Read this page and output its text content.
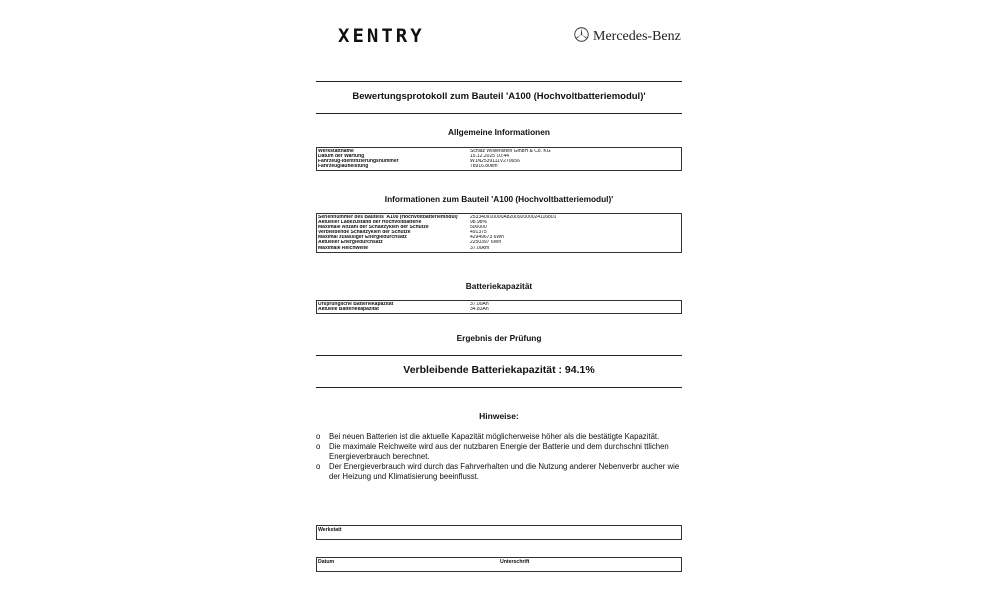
XENTRY	Mercedes-Benz
Bewertungsprotokoll zum Bauteil 'A100 (Hochvoltbatteriemodul)'
Allgemeine Informationen
Werkstattname	Schlaz Wöllenstein GmbH & Co. KG
Datum der Wartung	15.12.2025 10:44
Fahrzeug-Identifizierungsnummer	W1N2539111V270656
Fahrzeuglaufleistung	78916.80km
Informationen zum Bauteil 'A100 (Hochvoltbatteriemodul)'
Seriennummer des Bauteils 'A100 (Hochvoltbatteriemodul)'	253340910000A820092000024116801
Aktueller Ladezustand der Hochvoltbatterie	98.98%
Maximale Anzahl der Schaltzyklen der Schütze	500000
Verbleibende Schaltzyklen der Schütze	491375
Maximal zulässiger Energiedurchsatz	42949673 6Wh
Aktueller Energiedurchsatz	2250397 6Wh
Maximale Reichweite	37.00km
Batteriekapazität
Ursprüngliche Batteriekapazität	37.00Ah
Aktuelle Batteriekapazität	34.83Ah
Ergebnis der Prüfung
Verbleibende Batteriekapazität : 94.1%
Hinweise:
o	Bei neuen Batterien ist die aktuelle Kapazität möglicherweise höher als die bestätigte Kapazität.
o	Die maximale Reichweite wird aus der nutzbaren Energie der Batterie und dem durchschni ttlichen Energieverbrauch berechnet.
o	Der Energieverbrauch wird durch das Fahrverhalten und die Nutzung anderer Nebenverbr aucher wie der Heizung und Klimatisierung beeinflusst.
Werkstatt
Datum	Unterschrift
